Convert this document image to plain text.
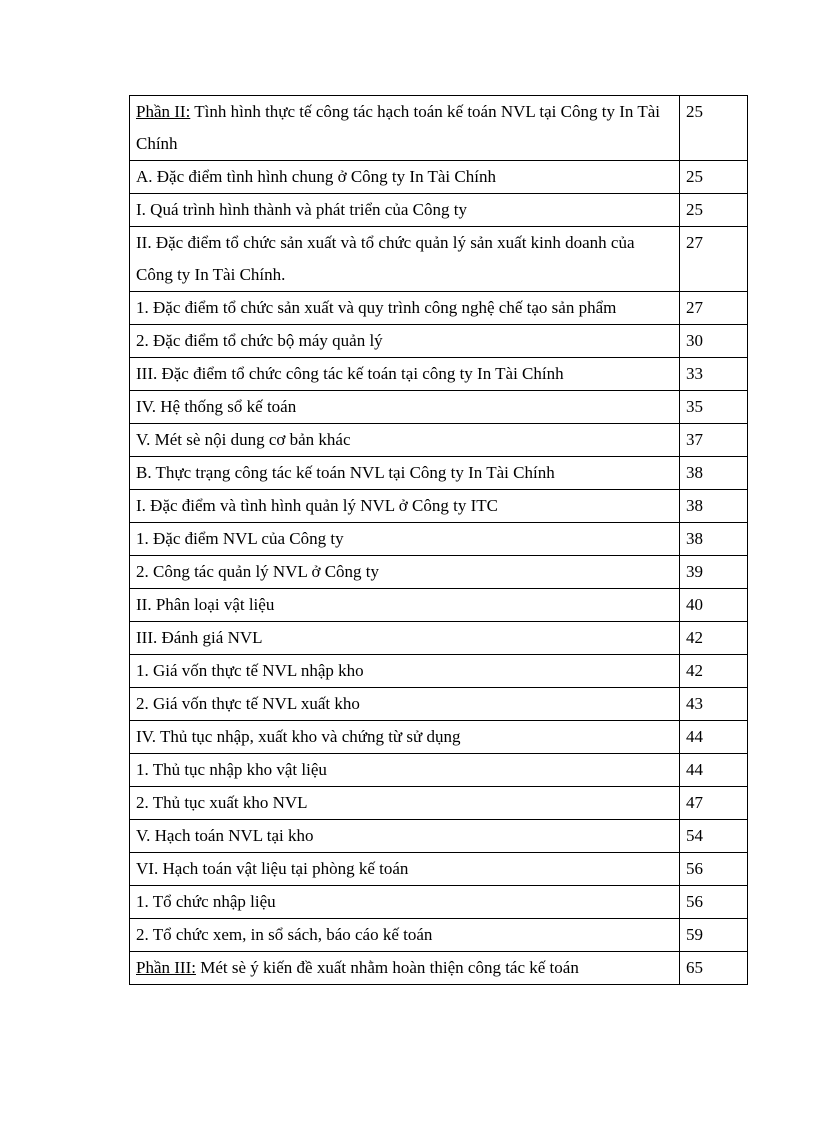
Phần II: Tình hình thực tế công tác hạch toán kế toán NVL tại Công ty In Tài Chính	25
A. Đặc điểm tình hình chung ở Công ty In Tài Chính	25
I. Quá trình hình thành và phát triển của Công ty	25
II. Đặc điểm tổ chức sản xuất và tổ chức quản lý sản xuất kinh doanh của Công ty In Tài Chính.	27
1. Đặc điểm tổ chức sản xuất và quy trình công nghệ chế tạo sản phẩm	27
2. Đặc điểm tổ chức bộ máy quản lý	30
III. Đặc điểm tổ chức công tác kế toán tại công ty In Tài Chính	33
IV. Hệ thống sổ kế toán	35
V. Mét sè nội dung cơ bản khác	37
B. Thực trạng công tác kế toán NVL tại Công ty In Tài Chính	38
I. Đặc điểm và tình hình quản lý NVL ở Công ty ITC	38
1. Đặc điểm NVL của Công ty	38
2. Công tác quản lý NVL ở Công ty	39
II. Phân loại vật liệu	40
III. Đánh giá NVL	42
1. Giá vốn thực tế NVL nhập kho	42
2. Giá vốn thực tế NVL xuất kho	43
IV. Thủ tục nhập, xuất kho và chứng từ sử dụng	44
1. Thủ tục nhập kho vật liệu	44
2. Thủ tục xuất kho NVL	47
V. Hạch toán NVL tại kho	54
VI. Hạch toán vật liệu tại phòng kế toán	56
1. Tổ chức nhập liệu	56
2. Tổ chức xem, in sổ sách, báo cáo kế toán	59
Phần III: Mét sè ý kiến đề xuất nhằm hoàn thiện công tác kế toán	65
